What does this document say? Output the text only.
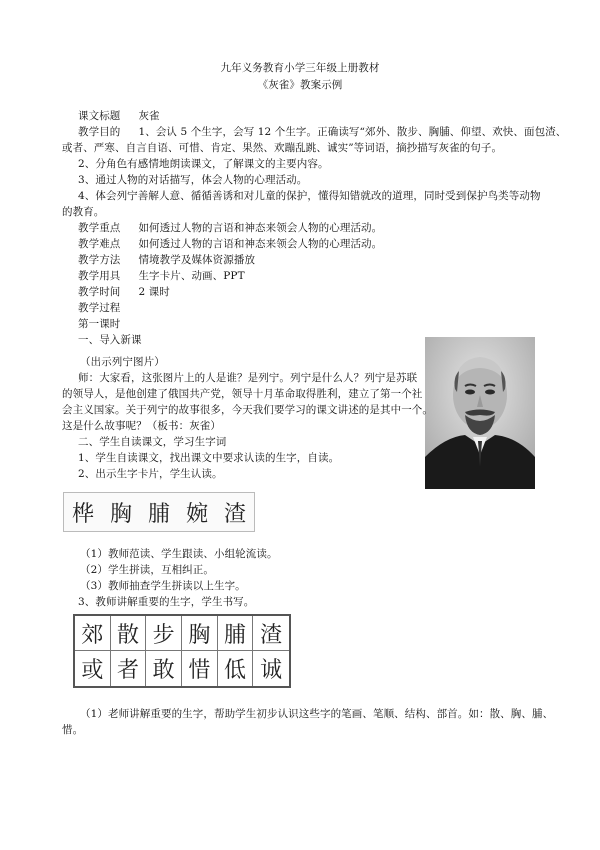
九年义务教育小学三年级上册教材
《灰雀》教案示例
课文标题 灰雀
教学目的 1、会认 5 个生字，会写 12 个生字。正确读写“郊外、散步、胸脯、仰望、欢快、面包渣、
或者、严寒、自言自语、可惜、肯定、果然、欢蹦乱跳、诚实”等词语，摘抄描写灰雀的句子。
2、分角色有感情地朗读课文，了解课文的主要内容。
3、通过人物的对话描写，体会人物的心理活动。
4、体会列宁善解人意、循循善诱和对儿童的保护，懂得知错就改的道理，同时受到保护鸟类等动物
的教育。
教学重点 如何透过人物的言语和神态来领会人物的心理活动。
教学难点 如何透过人物的言语和神态来领会人物的心理活动。
教学方法 情境教学及媒体资源播放
教学用具 生字卡片、动画、PPT
教学时间 2 课时
教学过程
第一课时
一、导入新课
（出示列宁图片）
师：大家看，这张图片上的人是谁？是列宁。列宁是什么人？列宁是苏联
的领导人，是他创建了俄国共产党，领导十月革命取得胜利，建立了第一个社
会主义国家。关于列宁的故事很多，今天我们要学习的课文讲述的是其中一个。
这是什么故事呢？（板书：灰雀）
二、学生自读课文，学习生字词
1、学生自读课文，找出课文中要求认读的生字，自读。
2、出示生字卡片，学生认读。
桦 胸 脯 婉 渣
（1）教师范读、学生跟读、小组轮流读。
（2）学生拼读，互相纠正。
（3）教师抽查学生拼读以上生字。
3、教师讲解重要的生字，学生书写。
郊 散 步 胸 脯 渣
或 者 敢 惜 低 诚
（1）老师讲解重要的生字，帮助学生初步认识这些字的笔画、笔顺、结构、部首。如：散、胸、脯、
惜。
